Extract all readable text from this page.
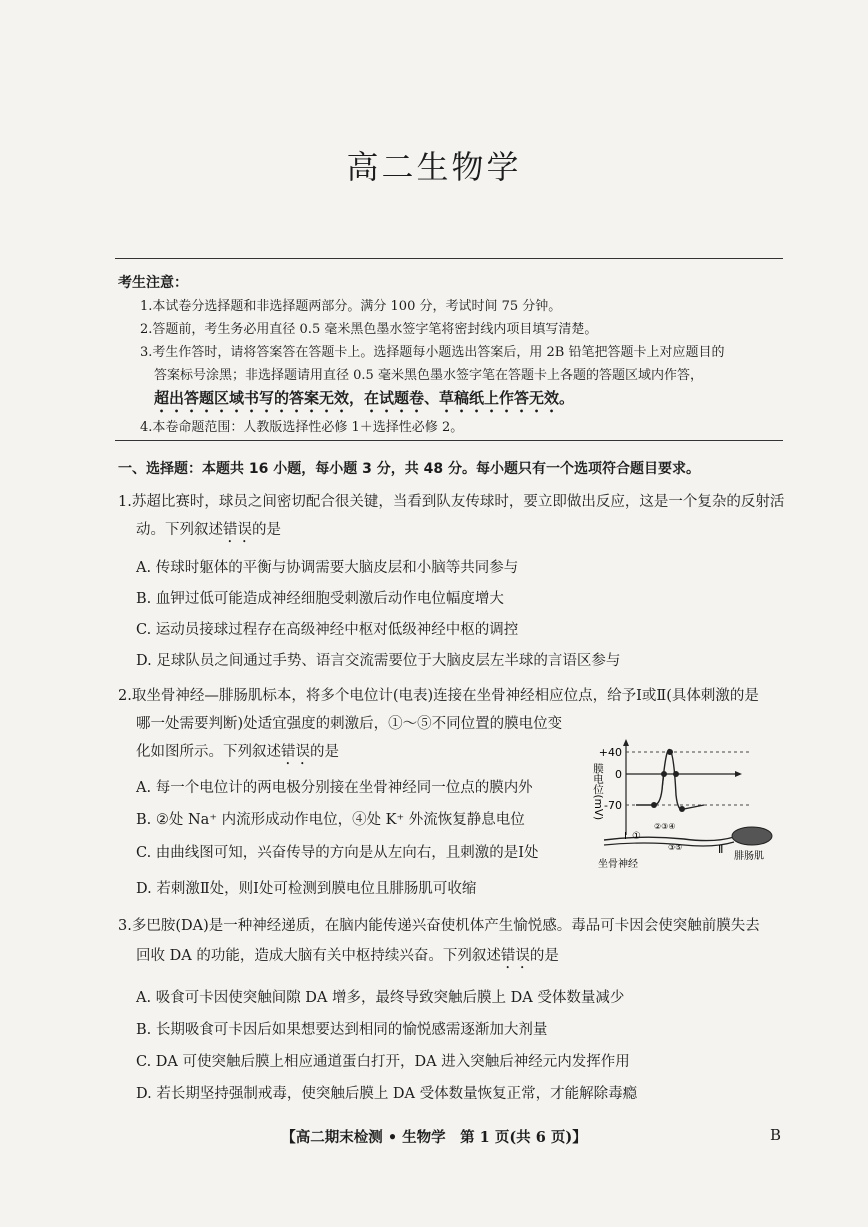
高二生物学
考生注意：
1.本试卷分选择题和非选择题两部分。满分 100 分，考试时间 75 分钟。
2.答题前，考生务必用直径 0.5 毫米黑色墨水签字笔将密封线内项目填写清楚。
3.考生作答时，请将答案答在答题卡上。选择题每小题选出答案后，用 2B 铅笔把答题卡上对应题目的
答案标号涂黑；非选择题请用直径 0.5 毫米黑色墨水签字笔在答题卡上各题的答题区域内作答，
超出答题区域书写的答案无效，在试题卷、草稿纸上作答无效。
4.本卷命题范围：人教版选择性必修 1＋选择性必修 2。
一、选择题：本题共 16 小题，每小题 3 分，共 48 分。每小题只有一个选项符合题目要求。
1.苏超比赛时，球员之间密切配合很关键，当看到队友传球时，要立即做出反应，这是一个复杂的反射活
动。下列叙述错误的是
A. 传球时躯体的平衡与协调需要大脑皮层和小脑等共同参与
B. 血钾过低可能造成神经细胞受刺激后动作电位幅度增大
C. 运动员接球过程存在高级神经中枢对低级神经中枢的调控
D. 足球队员之间通过手势、语言交流需要位于大脑皮层左半球的言语区参与
2.取坐骨神经—腓肠肌标本，将多个电位计(电表)连接在坐骨神经相应位点，给予Ⅰ或Ⅱ(具体刺激的是
哪一处需要判断)处适宜强度的刺激后，①～⑤不同位置的膜电位变
化如图所示。下列叙述错误的是
A. 每一个电位计的两电极分别接在坐骨神经同一位点的膜内外
B. ②处 Na⁺ 内流形成动作电位，④处 K⁺ 外流恢复静息电位
C. 由曲线图可知，兴奋传导的方向是从左向右，且刺激的是Ⅰ处
D. 若刺激Ⅱ处，则Ⅰ处可检测到膜电位且腓肠肌可收缩
+40
0
-70
膜电位(mV)
Ⅰ ①
②③④
③⑤	Ⅱ
坐骨神经
腓肠肌
3.多巴胺(DA)是一种神经递质，在脑内能传递兴奋使机体产生愉悦感。毒品可卡因会使突触前膜失去
回收 DA 的功能，造成大脑有关中枢持续兴奋。下列叙述错误的是
A. 吸食可卡因使突触间隙 DA 增多，最终导致突触后膜上 DA 受体数量减少
B. 长期吸食可卡因后如果想要达到相同的愉悦感需逐渐加大剂量
C. DA 可使突触后膜上相应通道蛋白打开，DA 进入突触后神经元内发挥作用
D. 若长期坚持强制戒毒，使突触后膜上 DA 受体数量恢复正常，才能解除毒瘾
【高二期末检测 • 生物学　第 1 页(共 6 页)】	B
